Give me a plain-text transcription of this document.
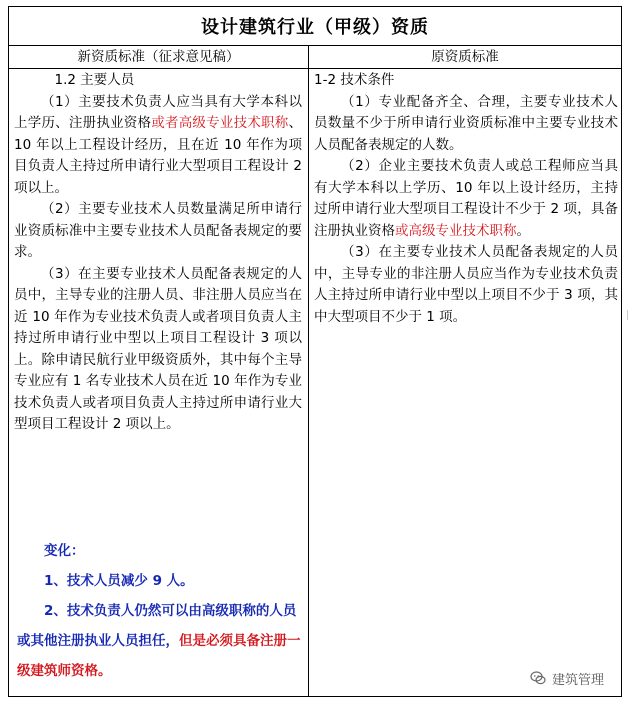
设计建筑行业（甲级）资质
新资质标准（征求意见稿）	原资质标准

1.2 主要人员

（1）主要技术负责人应当具有大学本科以上学历、注册执业资格或者高级专业技术职称、10 年以上工程设计经历，且在近 10 年作为项目负责人主持过所申请行业大型项目工程设计 2 项以上。

（2）主要专业技术人员数量满足所申请行业资质标准中主要专业技术人员配备表规定的要求。

（3）在主要专业技术人员配备表规定的人员中，主导专业的注册人员、非注册人员应当在近 10 年作为专业技术负责人或者项目负责人主持过所申请行业中型以上项目工程设计 3 项以上。除申请民航行业甲级资质外，其中每个主导专业应有 1 名专业技术人员在近 10 年作为专业技术负责人或者项目负责人主持过所申请行业大型项目工程设计 2 项以上。

变化：

1、技术人员减少 9 人。

2、技术负责人仍然可以由高级职称的人员或其他注册执业人员担任，但是必须具备注册一级建筑师资格。

1-2 技术条件

（1）专业配备齐全、合理，主要专业技术人员数量不少于所申请行业资质标准中主要专业技术人员配备表规定的人数。

（2）企业主要技术负责人或总工程师应当具有大学本科以上学历、10 年以上设计经历，主持过所申请行业大型项目工程设计不少于 2 项，具备注册执业资格或高级专业技术职称。

（3）在主要专业技术人员配备表规定的人员中，主导专业的非注册人员应当作为专业技术负责人主持过所申请行业中型以上项目不少于 3 项，其中大型项目不少于 1 项。

建筑管理
